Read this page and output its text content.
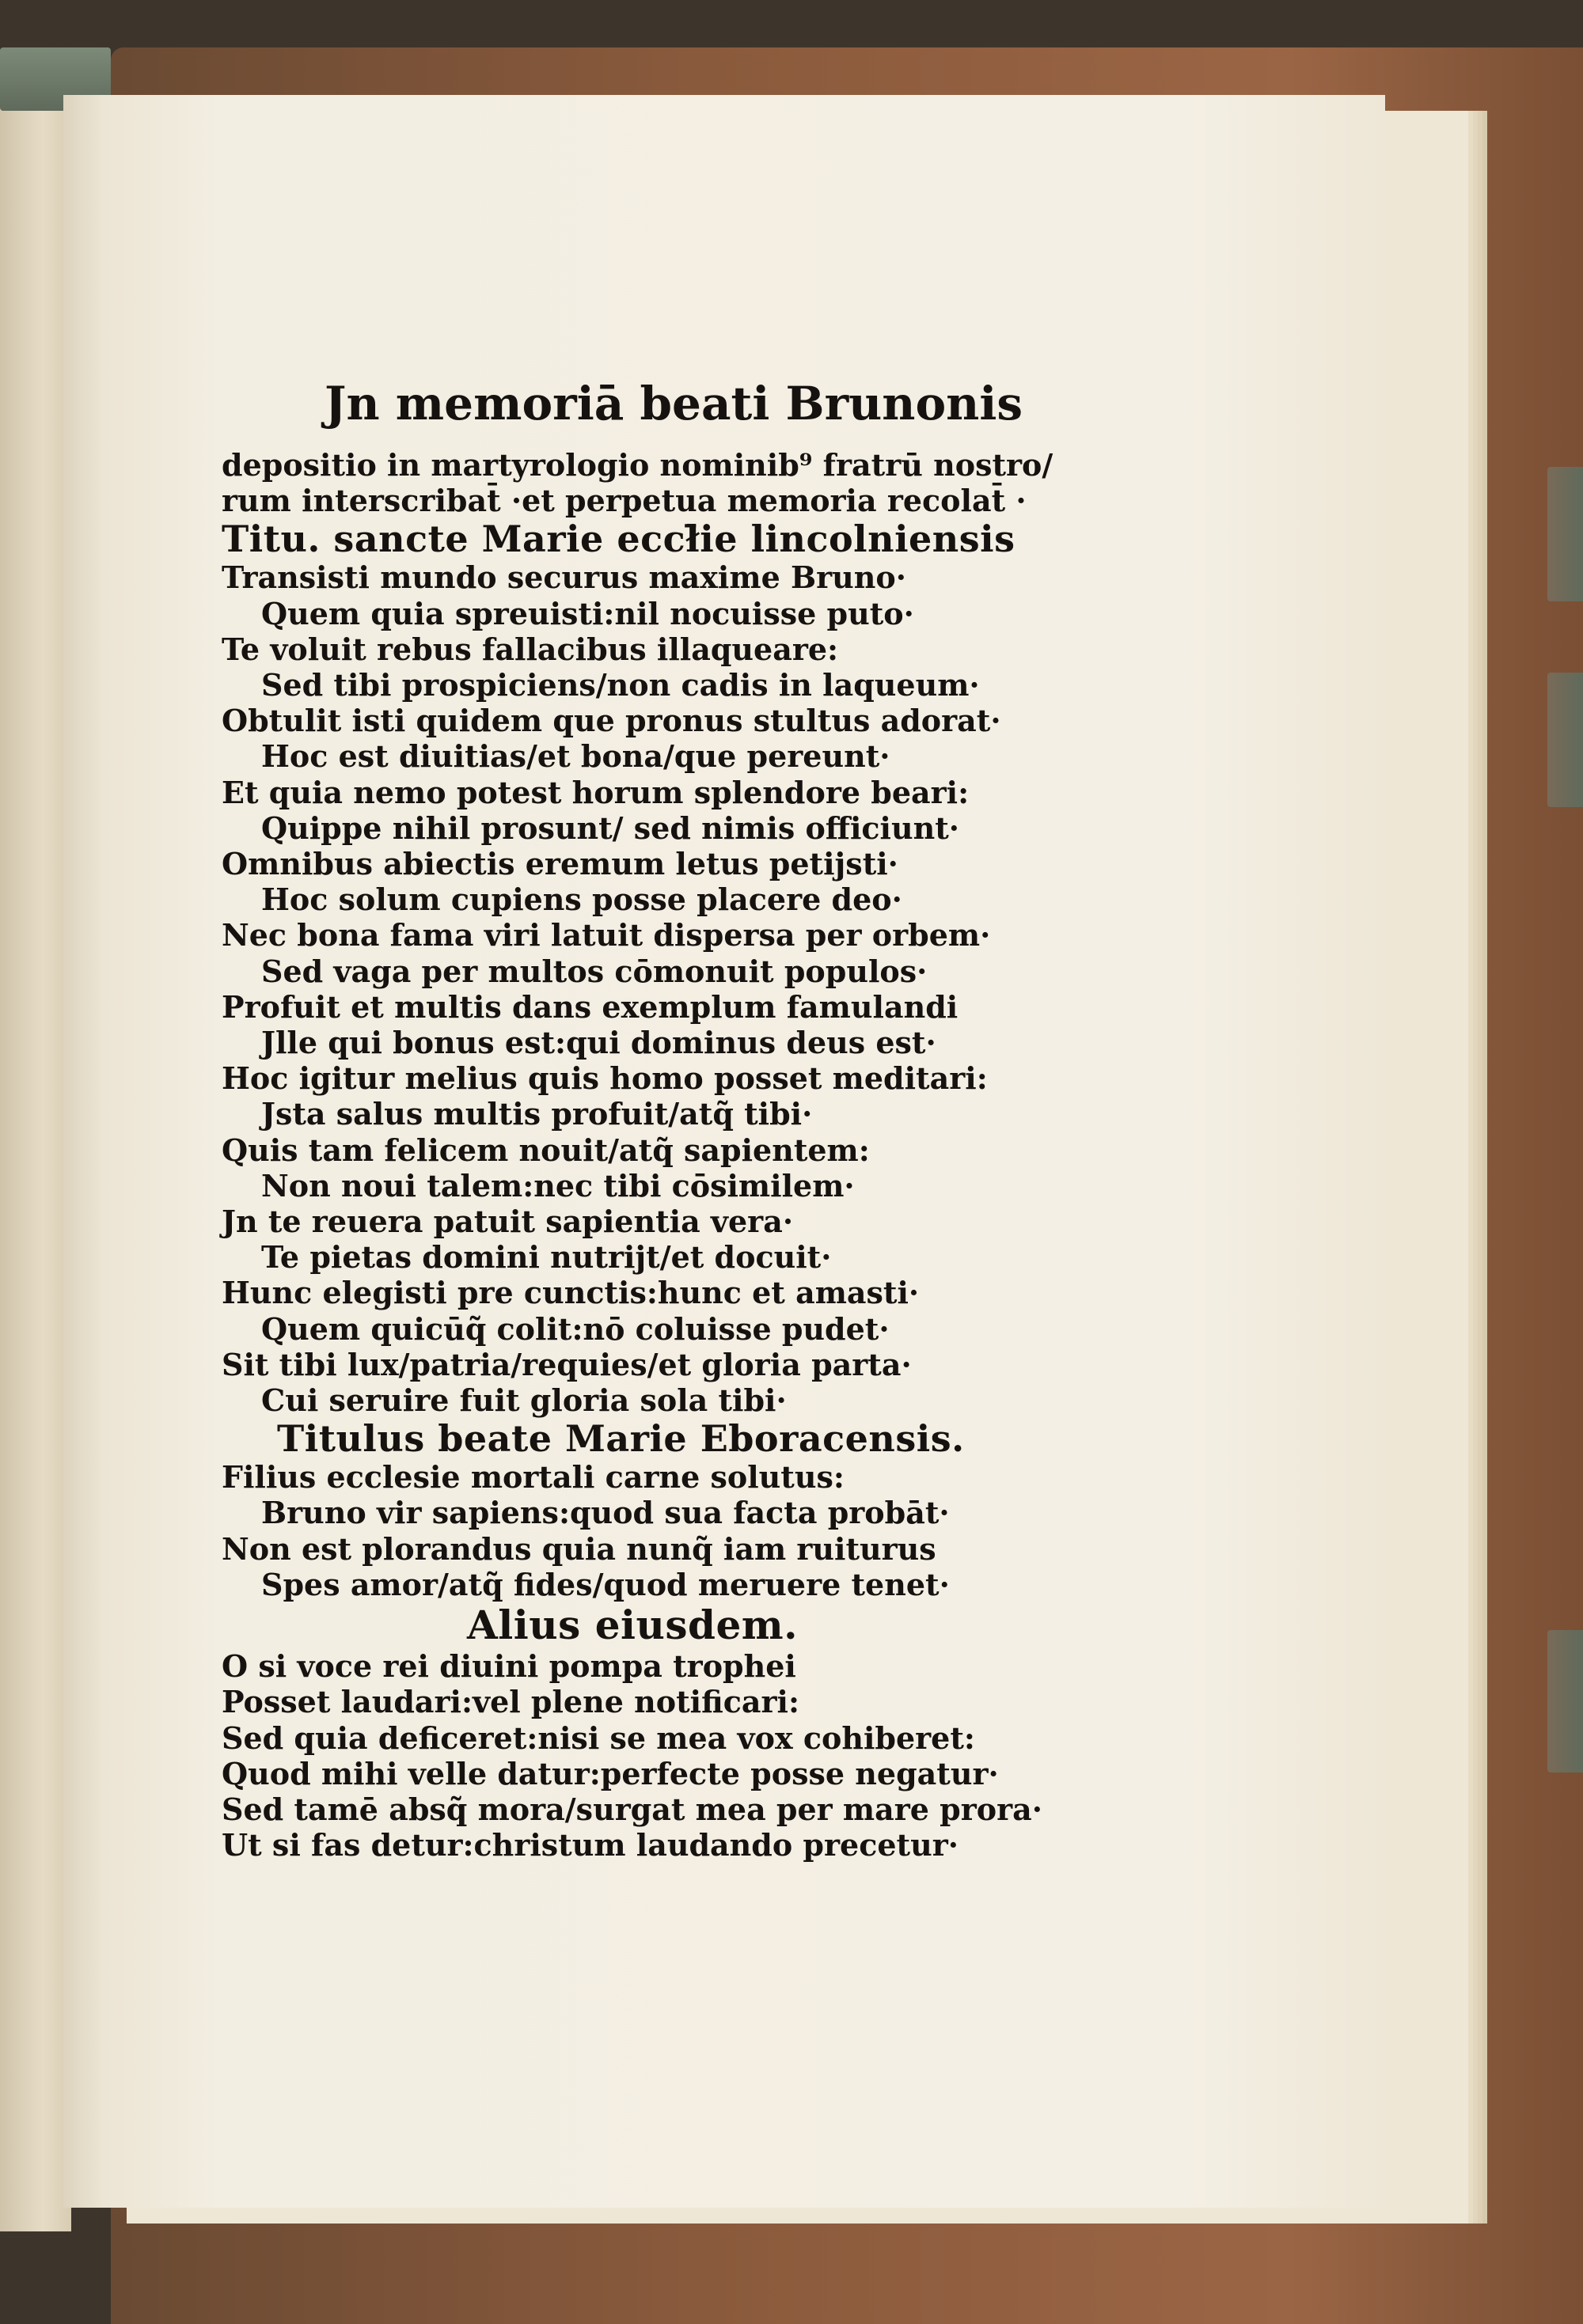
Jn memoriā beati Brunonis
depositio in martyrologio nominib⁹ fratrū nostro/
rum interscribat̄ ·et perpetua memoria recolat̄ ·
Titu. sancte Marie eccł̄ie lincolniensis
Transisti mundo securus maxime Bruno·
Quem quia spreuisti:nil nocuisse puto·
Te voluit rebus fallacibus illaqueare:
Sed tibi prospiciens/non cadis in laqueum·
Obtulit isti quidem que pronus stultus adorat·
Hoc est diuitias/et bona/que pereunt·
Et quia nemo potest horum splendore beari:
Quippe nihil prosunt/ sed nimis officiunt·
Omnibus abiectis eremum letus petijsti·
Hoc solum cupiens posse placere deo·
Nec bona fama viri latuit dispersa per orbem·
Sed vaga per multos cōmonuit populos·
Profuit et multis dans exemplum famulandi
Jlle qui bonus est:qui dominus deus est·
Hoc igitur melius quis homo posset meditari:
Jsta salus multis profuit/atq̃ tibi·
Quis tam felicem nouit/atq̃ sapientem:
Non noui talem:nec tibi cōsimilem·
Jn te reuera patuit sapientia vera·
Te pietas domini nutrijt/et docuit·
Hunc elegisti pre cunctis:hunc et amasti·
Quem quicūq̃ colit:nō coluisse pudet·
Sit tibi lux/patria/requies/et gloria parta·
Cui seruire fuit gloria sola tibi·
Titulus beate Marie Eboracensis.
Filius ecclesie mortali carne solutus:
Bruno vir sapiens:quod sua facta probāt·
Non est plorandus quia nunq̃ iam ruiturus
Spes amor/atq̃ fides/quod meruere tenet·
Alius eiusdem.
O si voce rei diuini pompa trophei
Posset laudari:vel plene notificari:
Sed quia deficeret:nisi se mea vox cohiberet:
Quod mihi velle datur:perfecte posse negatur·
Sed tamē absq̃ mora/surgat mea per mare prora·
Ut si fas detur:christum laudando precetur·
